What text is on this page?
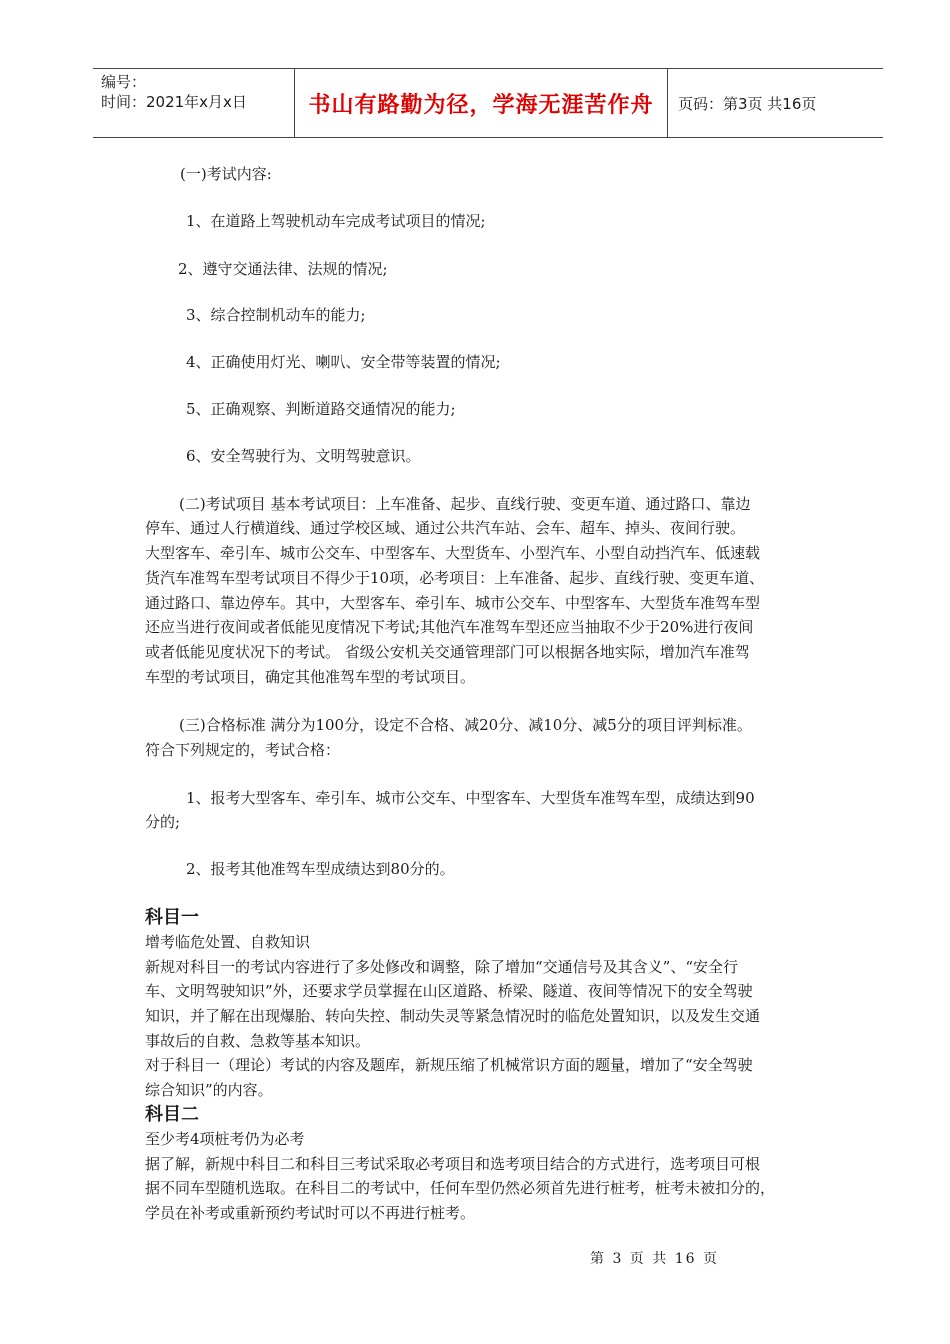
编号：
时间：2021年x月x日	书山有路勤为径，学海无涯苦作舟	页码：第3页 共16页
(一)考试内容:
1、在道路上驾驶机动车完成考试项目的情况;
2、遵守交通法律、法规的情况;
3、综合控制机动车的能力;
4、正确使用灯光、喇叭、安全带等装置的情况;
5、正确观察、判断道路交通情况的能力;
6、安全驾驶行为、文明驾驶意识。
(二)考试项目 基本考试项目：上车准备、起步、直线行驶、变更车道、通过路口、靠边
停车、通过人行横道线、通过学校区域、通过公共汽车站、会车、超车、掉头、夜间行驶。
大型客车、牵引车、城市公交车、中型客车、大型货车、小型汽车、小型自动挡汽车、低速载
货汽车准驾车型考试项目不得少于10项，必考项目：上车准备、起步、直线行驶、变更车道、
通过路口、靠边停车。其中，大型客车、牵引车、城市公交车、中型客车、大型货车准驾车型
还应当进行夜间或者低能见度情况下考试;其他汽车准驾车型还应当抽取不少于20%进行夜间
或者低能见度状况下的考试。 省级公安机关交通管理部门可以根据各地实际，增加汽车准驾
车型的考试项目，确定其他准驾车型的考试项目。
(三)合格标准 满分为100分，设定不合格、减20分、减10分、减5分的项目评判标准。
符合下列规定的，考试合格：
1、报考大型客车、牵引车、城市公交车、中型客车、大型货车准驾车型，成绩达到90
分的;
2、报考其他准驾车型成绩达到80分的。
科目一
增考临危处置、自救知识
新规对科目一的考试内容进行了多处修改和调整，除了增加“交通信号及其含义”、“安全行
车、文明驾驶知识”外，还要求学员掌握在山区道路、桥梁、隧道、夜间等情况下的安全驾驶
知识，并了解在出现爆胎、转向失控、制动失灵等紧急情况时的临危处置知识，以及发生交通
事故后的自救、急救等基本知识。
对于科目一（理论）考试的内容及题库，新规压缩了机械常识方面的题量，增加了“安全驾驶
综合知识”的内容。
科目二
至少考4项桩考仍为必考
据了解，新规中科目二和科目三考试采取必考项目和选考项目结合的方式进行，选考项目可根
据不同车型随机选取。在科目二的考试中，任何车型仍然必须首先进行桩考，桩考未被扣分的，
学员在补考或重新预约考试时可以不再进行桩考。
第 3 页 共 16 页
